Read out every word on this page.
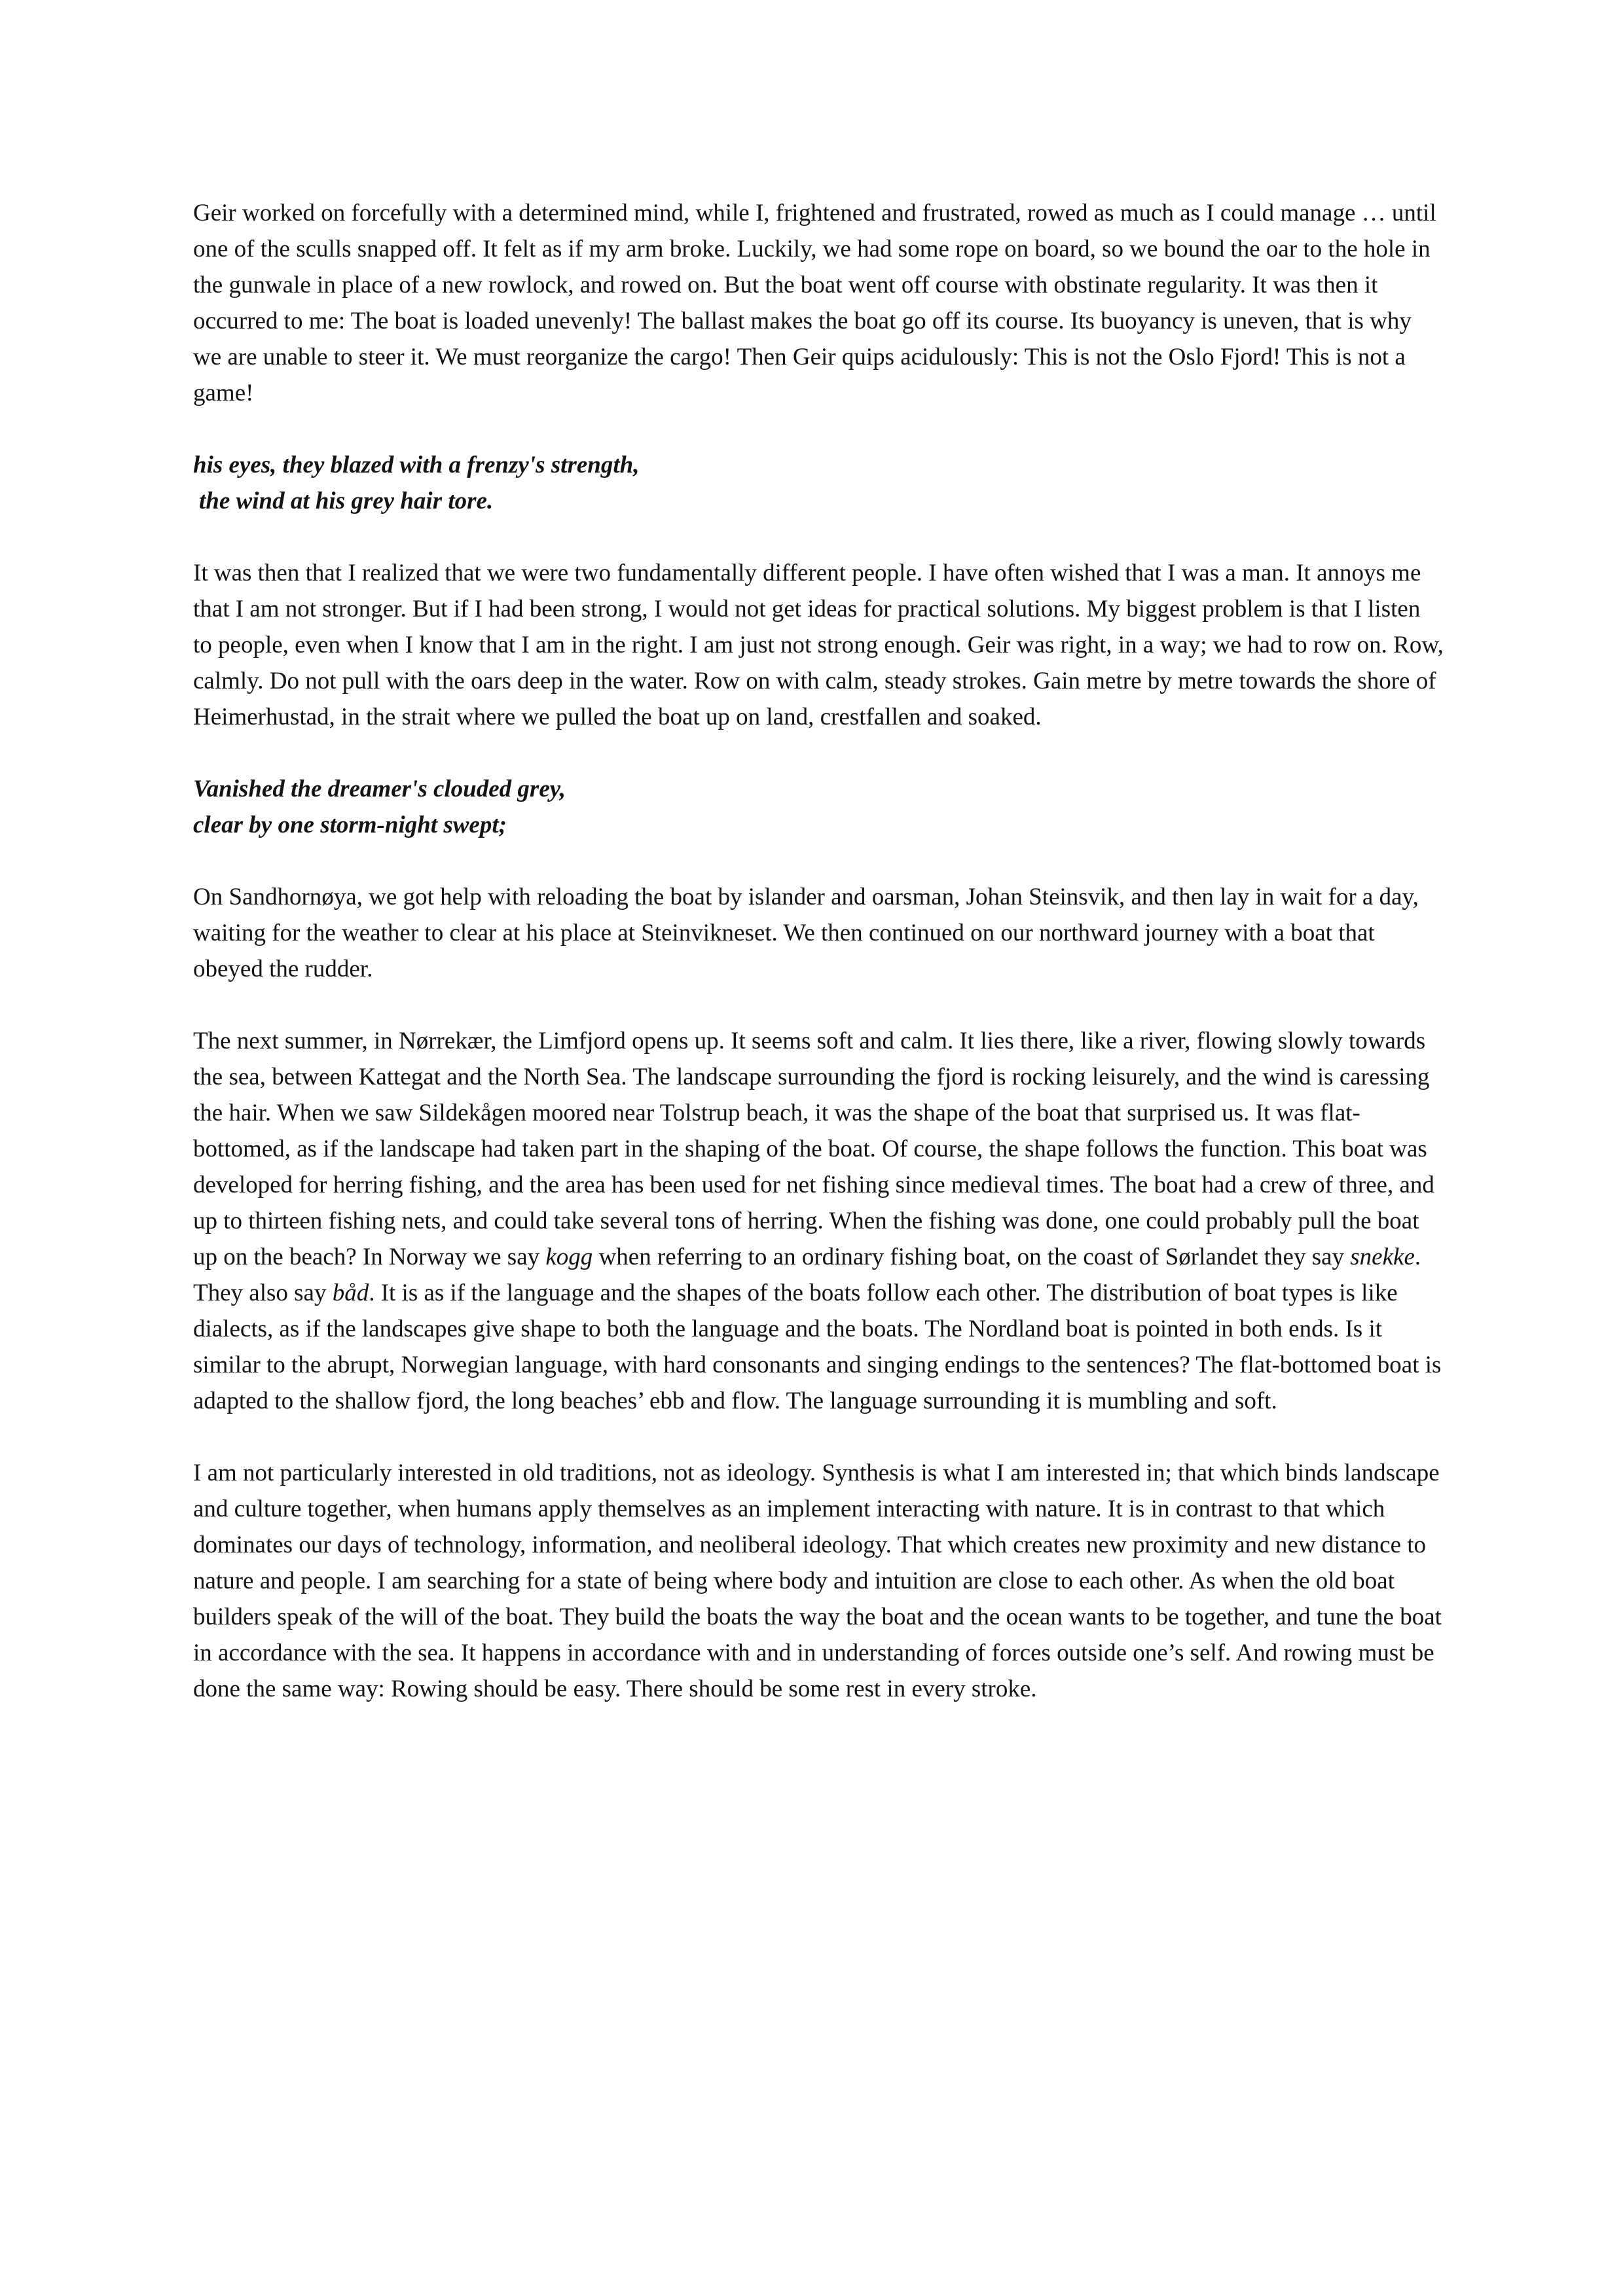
Geir worked on forcefully with a determined mind, while I, frightened and frustrated, rowed as much as I could manage … until one of the sculls snapped off. It felt as if my arm broke. Luckily, we had some rope on board, so we bound the oar to the hole in the gunwale in place of a new rowlock, and rowed on. But the boat went off course with obstinate regularity. It was then it occurred to me: The boat is loaded unevenly! The ballast makes the boat go off its course. Its buoyancy is uneven, that is why we are unable to steer it. We must reorganize the cargo! Then Geir quips acidulously: This is not the Oslo Fjord! This is not a game!

his eyes, they blazed with a frenzy's strength,
the wind at his grey hair tore.

It was then that I realized that we were two fundamentally different people. I have often wished that I was a man. It annoys me that I am not stronger. But if I had been strong, I would not get ideas for practical solutions. My biggest problem is that I listen to people, even when I know that I am in the right. I am just not strong enough. Geir was right, in a way; we had to row on. Row, calmly. Do not pull with the oars deep in the water. Row on with calm, steady strokes. Gain metre by metre towards the shore of Heimerhustad, in the strait where we pulled the boat up on land, crestfallen and soaked.

Vanished the dreamer's clouded grey,
clear by one storm-night swept;

On Sandhornøya, we got help with reloading the boat by islander and oarsman, Johan Steinsvik, and then lay in wait for a day, waiting for the weather to clear at his place at Steinvikneset. We then continued on our northward journey with a boat that obeyed the rudder.

The next summer, in Nørrekær, the Limfjord opens up. It seems soft and calm. It lies there, like a river, flowing slowly towards the sea, between Kattegat and the North Sea. The landscape surrounding the fjord is rocking leisurely, and the wind is caressing the hair. When we saw Sildekågen moored near Tolstrup beach, it was the shape of the boat that surprised us. It was flat-bottomed, as if the landscape had taken part in the shaping of the boat. Of course, the shape follows the function. This boat was developed for herring fishing, and the area has been used for net fishing since medieval times. The boat had a crew of three, and up to thirteen fishing nets, and could take several tons of herring. When the fishing was done, one could probably pull the boat up on the beach? In Norway we say kogg when referring to an ordinary fishing boat, on the coast of Sørlandet they say snekke. They also say båd. It is as if the language and the shapes of the boats follow each other. The distribution of boat types is like dialects, as if the landscapes give shape to both the language and the boats. The Nordland boat is pointed in both ends. Is it similar to the abrupt, Norwegian language, with hard consonants and singing endings to the sentences? The flat-bottomed boat is adapted to the shallow fjord, the long beaches’ ebb and flow. The language surrounding it is mumbling and soft.

I am not particularly interested in old traditions, not as ideology. Synthesis is what I am interested in; that which binds landscape and culture together, when humans apply themselves as an implement interacting with nature. It is in contrast to that which dominates our days of technology, information, and neoliberal ideology. That which creates new proximity and new distance to nature and people. I am searching for a state of being where body and intuition are close to each other. As when the old boat builders speak of the will of the boat. They build the boats the way the boat and the ocean wants to be together, and tune the boat in accordance with the sea. It happens in accordance with and in understanding of forces outside one’s self. And rowing must be done the same way: Rowing should be easy. There should be some rest in every stroke.
